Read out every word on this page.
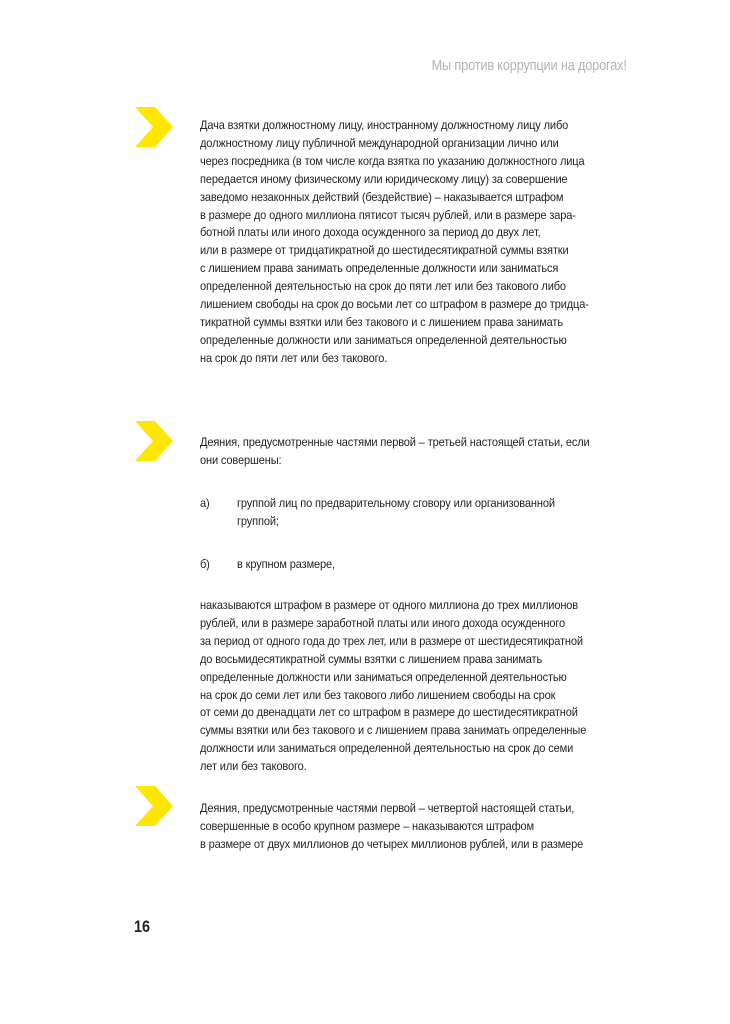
Мы против коррупции на дорогах!
Дача взятки должностному лицу, иностранному должностному лицу либо
должностному лицу публичной международной организации лично или
через посредника (в том числе когда взятка по указанию должностного лица
передается иному физическому или юридическому лицу) за совершение
заведомо незаконных действий (бездействие) – наказывается штрафом
в размере до одного миллиона пятисот тысяч рублей, или в размере зара-
ботной платы или иного дохода осужденного за период до двух лет,
или в размере от тридцатикратной до шестидесятикратной суммы взятки
с лишением права занимать определенные должности или заниматься
определенной деятельностью на срок до пяти лет или без такового либо
лишением свободы на срок до восьми лет со штрафом в размере до тридца-
тикратной суммы взятки или без такового и с лишением права занимать
определенные должности или заниматься определенной деятельностью
на срок до пяти лет или без такового.
Деяния, предусмотренные частями первой – третьей настоящей статьи, если
они совершены:
а) группой лиц по предварительному сговору или организованной
группой;
б) в крупном размере,
наказываются штрафом в размере от одного миллиона до трех миллионов
рублей, или в размере заработной платы или иного дохода осужденного
за период от одного года до трех лет, или в размере от шестидесятикратной
до восьмидесятикратной суммы взятки с лишением права занимать
определенные должности или заниматься определенной деятельностью
на срок до семи лет или без такового либо лишением свободы на срок
от семи до двенадцати лет со штрафом в размере до шестидесятикратной
суммы взятки или без такового и с лишением права занимать определенные
должности или заниматься определенной деятельностью на срок до семи
лет или без такового.
Деяния, предусмотренные частями первой – четвертой настоящей статьи,
совершенные в особо крупном размере – наказываются штрафом
в размере от двух миллионов до четырех миллионов рублей, или в размере
16
